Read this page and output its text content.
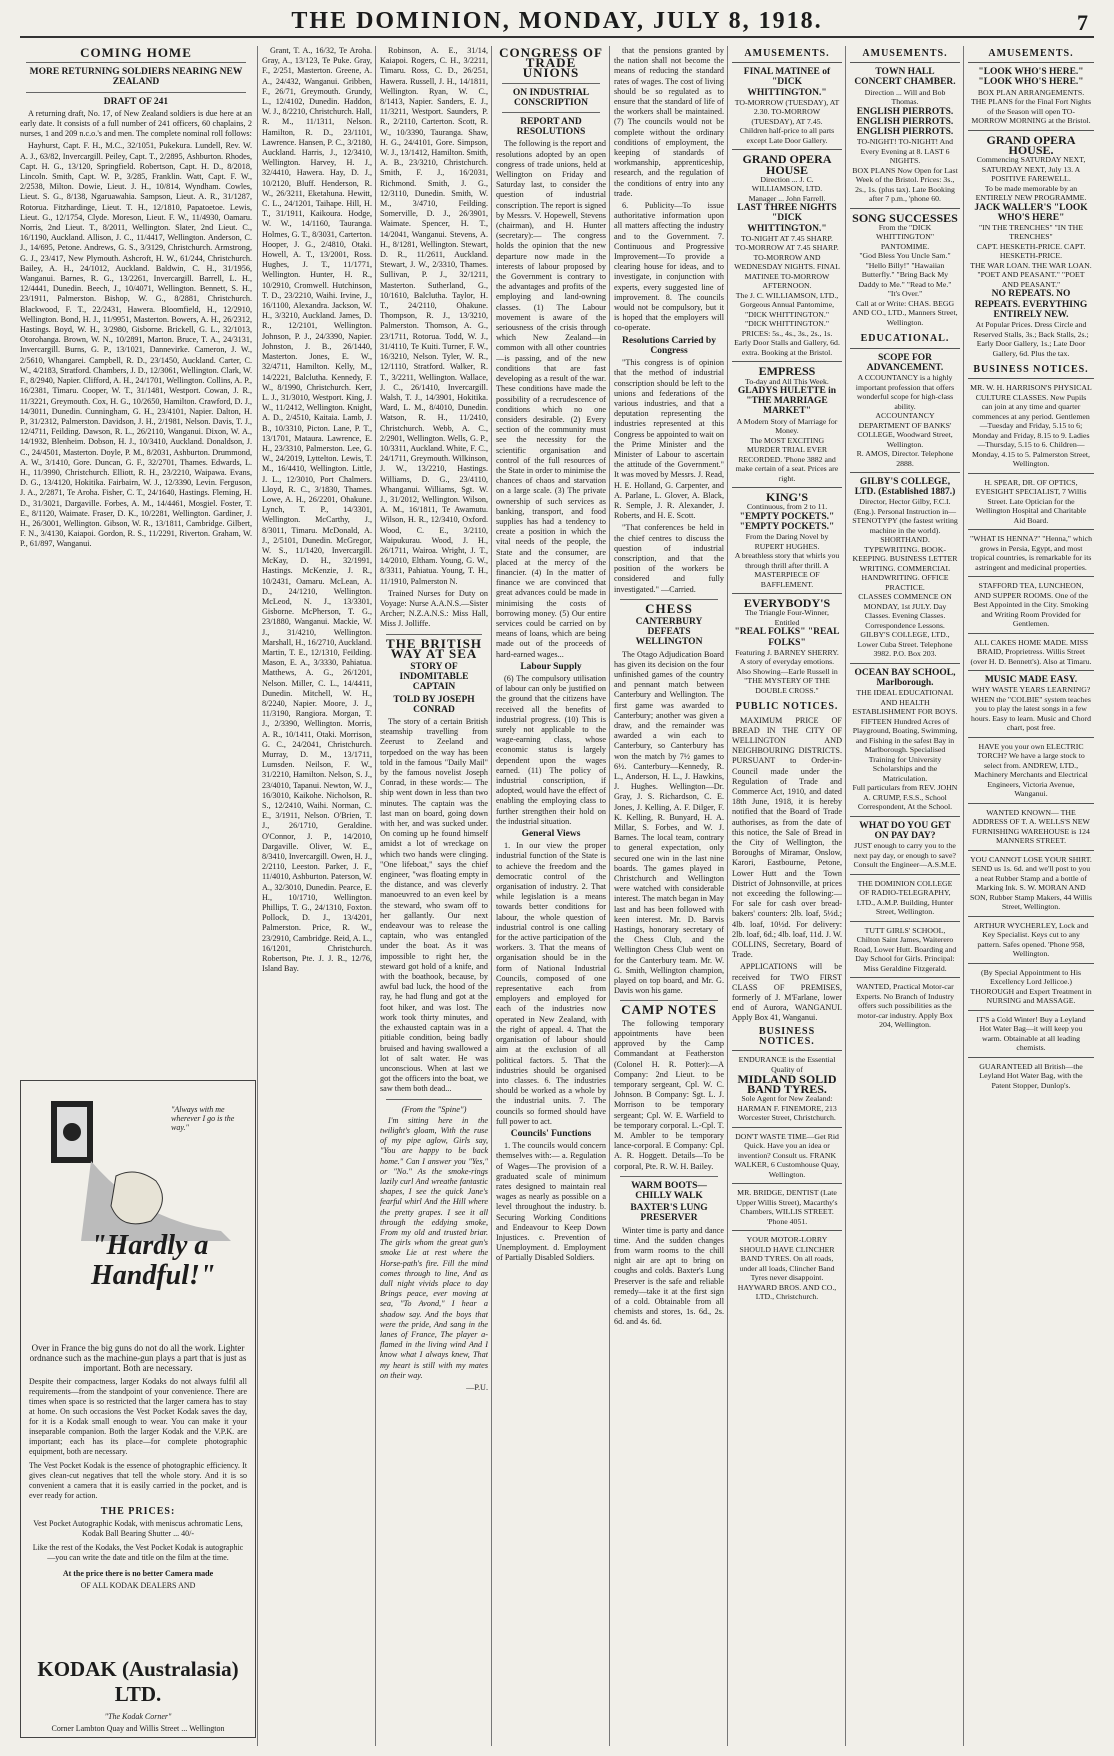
THE DOMINION, MONDAY, JULY 8, 1918.	7
COMING HOME
MORE RETURNING SOLDIERS NEARING NEW ZEALAND
DRAFT OF 241

A returning draft, No. 17, of New Zealand soldiers is due here at an early date. It consists of a full number of 241 officers, 60 chaplains, 2 nurses, 1 and 209 n.c.o.'s and men. The complete nominal roll follows:

Hayhurst, Capt. F. H., M.C., 32/1051, Pukekura. Lundell, Rev. W. A. J., 63/82, Invercargill. Peiley, Capt. T., 2/2895, Ashburton. Rhodes, Capt. H. G., 13/120, Springfield. Robertson, Capt. H. D., 8/2018, Lincoln. Smith, Capt. W. P., 3/285, Franklin. Watt, Capt. F. W., 2/2538, Milton. Dowie, Lieut. J. H., 10/814, Wyndham. Cowles, Lieut. S. G., 8/138, Ngaruawahia. Sampson, Lieut. A. R., 31/1287, Rotorua. Fitzhardinge, Lieut. T. H., 12/1810, Papatoetoe. Lewis, Lieut. G., 12/1754, Clyde. Moreson, Lieut. F. W., 11/4930, Oamaru. Norris, 2nd Lieut. T., 8/2011, Wellington. Slater, 2nd Lieut. C., 16/1190, Auckland. Allison, J. C., 11/4417, Wellington. Anderson, C. J., 14/695, Petone. Andrews, G. S., 3/3129, Christchurch. Armstrong, G. J., 23/417, New Plymouth. Ashcroft, H. W., 61/244, Christchurch. Bailey, A. H., 24/1012, Auckland. Baldwin, C. H., 31/1956, Wanganui. Barnes, R. G., 13/2261, Invercargill. Barrell, L. H., 12/4441, Dunedin. Beech, J., 10/4071, Wellington. Bennett, S. H., 23/1911, Palmerston. Bishop, W. G., 8/2881, Christchurch. Blackwood, F. T., 22/2431, Hawera. Bloomfield, H., 12/2910, Wellington. Bond, H. J., 11/9951, Masterton. Bowers, A. H., 26/2312, Hastings. Boyd, W. H., 3/2980, Gisborne. Brickell, G. L., 32/1013, Otorohanga. Brown, W. N., 10/2891, Marton. Bruce, T. A., 24/3131, Invercargill. Burns, G. P., 13/1021, Dannevirke. Cameron, J. W., 2/5610, Whangarei. Campbell, R. D., 23/1450, Auckland. Carter, C. W., 4/2183, Stratford. Chambers, J. D., 12/3061, Wellington. Clark, W. F., 8/2940, Napier. Clifford, A. H., 24/1701, Wellington. Collins, A. P., 16/2381, Timaru. Cooper, W. T., 31/1481, Westport. Cowan, J. R., 11/3221, Greymouth. Cox, H. G., 10/2650, Hamilton. Crawford, D. J., 14/3011, Dunedin. Cunningham, G. H., 23/4101, Napier. Dalton, H. P., 31/2312, Palmerston. Davidson, J. H., 2/1981, Nelson. Davis, T. J., 12/4711, Feilding. Dawson, R. L., 26/2110, Wanganui. Dixon, W. A., 14/1932, Blenheim. Dobson, H. J., 10/3410, Auckland. Donaldson, J. C., 24/4501, Masterton. Doyle, P. M., 8/2031, Ashburton. Drummond, A. W., 3/1410, Gore. Duncan, G. F., 32/2701, Thames. Edwards, L. H., 11/3990, Christchurch. Elliott, R. H., 23/2210, Waipawa. Evans, D. G., 13/4120, Hokitika. Fairbairn, W. J., 12/3390, Levin. Ferguson, J. A., 2/2871, Te Aroha. Fisher, C. T., 24/1640, Hastings. Fleming, H. D., 31/3021, Dargaville. Forbes, A. M., 14/4461, Mosgiel. Foster, T. E., 8/1120, Waimate. Fraser, D. K., 10/2281, Wellington. Gardiner, J. H., 26/3001, Wellington. Gibson, W. R., 13/1811, Cambridge. Gilbert, F. N., 3/4130, Kaiapoi. Gordon, R. S., 11/2291, Riverton. Graham, W. P., 61/897, Wanganui.

"Always with me wherever I go is the way."
"Hardly a Handful!"

Over in France the big guns do not do all the work. Lighter ordnance such as the machine-gun plays a part that is just as important. Both are necessary.

Despite their compactness, larger Kodaks do not always fulfil all requirements—from the standpoint of your convenience. There are times when space is so restricted that the larger camera has to stay at home. On such occasions the Vest Pocket Kodak saves the day, for it is a Kodak small enough to wear. You can make it your inseparable companion. Both the larger Kodak and the V.P.K. are important; each has its place—for complete photographic equipment, both are necessary.

The Vest Pocket Kodak is the essence of photographic efficiency. It gives clean-cut negatives that tell the whole story. And it is so convenient a camera that it is easily carried in the pocket, and is ever ready for action.

THE PRICES:

Vest Pocket Autographic Kodak, with meniscus achromatic Lens, Kodak Ball Bearing Shutter ... 40/-

Like the rest of the Kodaks, the Vest Pocket Kodak is autographic—you can write the date and title on the film at the time.

At the price there is no better Camera made

OF ALL KODAK DEALERS AND

KODAK (Australasia) LTD.
"The Kodak Corner"
Corner Lambton Quay and Willis Street ... Wellington

Grant, T. A., 16/32, Te Aroha. Gray, A., 13/123, Te Puke. Gray, F., 2/251, Masterton. Greene, A. A., 24/432, Wanganui. Gribben, F., 26/71, Greymouth. Grundy, L., 12/4102, Dunedin. Haddon, W. J., 8/2210, Christchurch. Hall, R. M., 11/1311, Nelson. Hamilton, R. D., 23/1101, Lawrence. Hansen, P. C., 3/2180, Auckland. Harris, J., 12/3410, Wellington. Harvey, H. J., 32/4410, Hawera. Hay, D. J., 10/2120, Bluff. Henderson, R. W., 26/3211, Eketahuna. Hewitt, C. L., 24/1201, Taihape. Hill, H. T., 31/1911, Kaikoura. Hodge, W. W., 14/1160, Tauranga. Holmes, G. T., 8/3031, Carterton. Hooper, J. G., 2/4810, Otaki. Howell, A. T., 13/2001, Ross. Hughes, J. T., 11/1771, Wellington. Hunter, H. R., 10/2910, Cromwell. Hutchinson, T. D., 23/2210, Waihi. Irvine, J., 16/1100, Alexandra. Jackson, W. H., 3/3210, Auckland. James, D. R., 12/2101, Wellington. Johnson, P. J., 24/3390, Napier. Johnston, J. B., 26/1440, Masterton. Jones, E. W., 32/4711, Hamilton. Kelly, M., 14/2221, Balclutha. Kennedy, F. W., 8/1990, Christchurch. Kerr, L. J., 31/3010, Westport. King, J. W., 11/2412, Wellington. Knight, A. D., 2/4510, Kaitaia. Lamb, J. B., 10/3310, Picton. Lane, P. T., 13/1701, Mataura. Lawrence, E. H., 23/3310, Palmerston. Lee, G. W., 24/2019, Lyttelton. Lewis, T. M., 16/4410, Wellington. Little, J. L., 12/3010, Port Chalmers. Lloyd, R. C., 3/1830, Thames. Lowe, A. H., 26/2201, Ohakune. Lynch, T. P., 14/3301, Wellington. McCarthy, J., 8/3011, Timaru. McDonald, A. J., 2/5101, Dunedin. McGregor, W. S., 11/1420, Invercargill. McKay, D. H., 32/1991, Hastings. McKenzie, J. R., 10/2431, Oamaru. McLean, A. D., 24/1210, Wellington. McLeod, N. J., 13/3301, Gisborne. McPherson, T. G., 23/1880, Wanganui. Mackie, W. J., 31/4210, Wellington. Marshall, H., 16/2710, Auckland. Martin, T. E., 12/1310, Feilding. Mason, E. A., 3/3330, Pahiatua. Matthews, A. G., 26/1201, Nelson. Miller, C. L., 14/4411, Dunedin. Mitchell, W. H., 8/2240, Napier. Moore, J. J., 11/3190, Rangiora. Morgan, T. J., 2/3390, Wellington. Morris, A. R., 10/1411, Otaki. Morrison, G. C., 24/2041, Christchurch. Murray, D. M., 13/1711, Lumsden. Neilson, F. W., 31/2210, Hamilton. Nelson, S. J., 23/4010, Tapanui. Newton, W. J., 16/3010, Kaikohe. Nicholson, R. S., 12/2410, Waihi. Norman, C. E., 3/1911, Nelson. O'Brien, T. J., 26/1710, Geraldine. O'Connor, J. P., 14/2010, Dargaville. Oliver, W. E., 8/3410, Invercargill. Owen, H. J., 2/2110, Leeston. Parker, J. F., 11/4010, Ashburton. Paterson, W. A., 32/3010, Dunedin. Pearce, E. H., 10/1710, Wellington. Phillips, T. G., 24/1310, Foxton. Pollock, D. J., 13/4201, Palmerston. Price, R. W., 23/2910, Cambridge. Reid, A. L., 16/1201, Christchurch. Robertson, Pte. J. J. R., 12/76, Island Bay.

Robinson, A. E., 31/14, Kaiapoi. Rogers, C. H., 3/2211, Timaru. Ross, C. D., 26/251, Hawera. Russell, J. H., 14/1811, Wellington. Ryan, W. C., 8/1413, Napier. Sanders, E. J., 11/3211, Westport. Saunders, P. R., 2/2110, Carterton. Scott, R. W., 10/3390, Tauranga. Shaw, H. G., 24/4101, Gore. Simpson, W. J., 13/1412, Hamilton. Smith, A. B., 23/3210, Christchurch. Smith, F. J., 16/2031, Richmond. Smith, J. G., 12/3110, Dunedin. Smith, W. M., 3/4710, Feilding. Somerville, D. J., 26/3901, Waimate. Spencer, H. T., 14/2041, Wanganui. Stevens, A. H., 8/1281, Wellington. Stewart, D. R., 11/2611, Auckland. Stewart, J. W., 2/3310, Thames. Sullivan, P. J., 32/1211, Masterton. Sutherland, G., 10/1610, Balclutha. Taylor, H. T., 24/2110, Ohakune. Thompson, R. J., 13/3210, Palmerston. Thomson, A. G., 23/1711, Rotorua. Todd, W. J., 31/4110, Te Kuiti. Turner, F. W., 16/3210, Nelson. Tyler, W. R., 12/1110, Stratford. Walker, R. T., 3/2211, Wellington. Wallace, J. C., 26/1410, Invercargill. Walsh, T. J., 14/3901, Hokitika. Ward, L. M., 8/4010, Dunedin. Watson, R. H., 11/2410, Christchurch. Webb, A. C., 2/2901, Wellington. Wells, G. P., 10/3311, Auckland. White, F. C., 24/1711, Greymouth. Wilkinson, J. W., 13/2210, Hastings. Williams, D. G., 23/4110, Whanganui. Williams, Sgt. W. J., 31/2012, Wellington. Wilson, A. M., 16/1811, Te Awamutu. Wilson, H. R., 12/3410, Oxford. Wood, C. E., 3/2110, Waipukurau. Wood, J. H., 26/1711, Wairoa. Wright, J. T., 14/2010, Eltham. Young, G. W., 8/3311, Pahiatua. Young, T. H., 11/1910, Palmerston N.

Trained Nurses for Duty on Voyage: Nurse A.A.N.S.—Sister Archer; N.Z.A.N.S.: Miss Hall, Miss J. Jolliffe.

THE BRITISH WAY AT SEA
STORY OF INDOMITABLE CAPTAIN
TOLD BY JOSEPH CONRAD

The story of a certain British steamship travelling from Zeerust to Zeeland and torpedoed on the way has been told in the famous "Daily Mail" by the famous novelist Joseph Conrad, in these words:— The ship went down in less than two minutes. The captain was the last man on board, going down with her, and was sucked under. On coming up he found himself amidst a lot of wreckage on which two hands were clinging. "One lifeboat," says the chief engineer, "was floating empty in the distance, and was cleverly manoeuvred to an even keel by the steward, who swam off to her gallantly. Our next endeavour was to release the captain, who was entangled under the boat. As it was impossible to right her, the steward got hold of a knife, and with the boathook, because, by awful bad luck, the hood of the ray, he had flung and got at the foot hiker, and was lost. The work took thirty minutes, and the exhausted captain was in a pitiable condition, being badly bruised and having swallowed a lot of salt water. He was unconscious. When at last we got the officers into the boat, we saw them both dead...

(From the "Spine")

I'm sitting here in the twilight's gloam, With the ruse of my pipe aglow, Girls say, "You are happy to be back home." Can I answer you "Yes," or "No." As the smoke-rings lazily curl And wreathe fantastic shapes, I see the quick Jane's fearful whirl And the Hill where the pretty grapes. I see it all through the eddying smoke, From my old and trusted briar. The girls whom the great gun's smoke Lie at rest where the Horse-path's fire. Fill the mind comes through to line, And as dull night vivids place to day Brings peace, ever moving at sea, "To Avond," I hear a shadow say. And the boys that were the pride, And sang in the lanes of France, The player a-flamed in the living wind And I know what I always knew, That my heart is still with my mates on their way.

—P.U.
CONGRESS OF TRADE UNIONS
ON INDUSTRIAL CONSCRIPTION
REPORT AND RESOLUTIONS

The following is the report and resolutions adopted by an open congress of trade unions, held at Wellington on Friday and Saturday last, to consider the question of industrial conscription. The report is signed by Messrs. V. Hopewell, Stevens (chairman), and H. Hunter (secretary):— The congress holds the opinion that the new departure now made in the interests of labour proposed by the Government is contrary to the advantages and profits of the employing and land-owning classes. (1) The Labour movement is aware of the seriousness of the crisis through which New Zealand—in common with all other countries—is passing, and of the new conditions that are fast developing as a result of the war. These conditions have made the possibility of a recrudescence of conditions which no one considers desirable. (2) Every section of the community must see the necessity for the scientific organisation and control of the full resources of the State in order to minimise the chances of chaos and starvation on a large scale. (3) The private ownership of such services as banking, transport, and food supplies has had a tendency to create a position in which the vital needs of the people, the State and the consumer, are placed at the mercy of the financier. (4) In the matter of finance we are convinced that great advances could be made in minimising the costs of borrowing money. (5) Our entire services could be carried on by means of loans, which are being made out of the proceeds of hard-earned wages...

Labour Supply

(6) The compulsory utilisation of labour can only be justified on the ground that the citizens have received all the benefits of industrial progress. (10) This is surely not applicable to the wage-earning class, whose economic status is largely dependent upon the wages earned. (11) The policy of industrial conscription, if adopted, would have the effect of enabling the employing class to further strengthen their hold on the industrial situation.

General Views

1. In our view the proper industrial function of the State is to achieve the freedom and the democratic control of the organisation of industry. 2. That while legislation is a means towards better conditions for labour, the whole question of industrial control is one calling for the active participation of the workers. 3. That the means of organisation should be in the form of National Industrial Councils, composed of one representative each from employers and employed for each of the industries now operated in New Zealand, with the right of appeal. 4. That the organisation of labour should aim at the exclusion of all political factors. 5. That the industries should be organised into classes. 6. The industries should be worked as a whole by the industrial units. 7. The councils so formed should have full power to act.

Councils' Functions

1. The councils would concern themselves with:— a. Regulation of Wages—The provision of a graduated scale of minimum rates designed to maintain real wages as nearly as possible on a level throughout the industry. b. Securing Working Conditions and Endeavour to Keep Down Injustices. c. Prevention of Unemployment. d. Employment of Partially Disabled Soldiers.

that the pensions granted by the nation shall not become the means of reducing the standard rates of wages. The cost of living should be so regulated as to ensure that the standard of life of the workers shall be maintained. (7) The councils would not be complete without the ordinary conditions of employment, the keeping of standards of workmanship, apprenticeship, research, and the regulation of the conditions of entry into any trade.

6. Publicity—To issue authoritative information upon all matters affecting the industry and to the Government. 7. Continuous and Progressive Improvement—To provide a clearing house for ideas, and to investigate, in conjunction with experts, every suggested line of improvement. 8. The councils would not be compulsory, but it is hoped that the employers will co-operate.

Resolutions Carried by Congress

"This congress is of opinion that the method of industrial conscription should be left to the unions and federations of the various industries, and that a deputation representing the industries represented at this Congress be appointed to wait on the Prime Minister and the Minister of Labour to ascertain the attitude of the Government." It was moved by Messrs. J. Read, H. E. Holland, G. Carpenter, and A. Parlane, L. Glover, A. Black, R. Semple, J. R. Alexander, J. Roberts, and H. E. Scott.

"That conferences be held in the chief centres to discuss the question of industrial conscription, and that the position of the workers be considered and fully investigated." —Carried.

CHESS
CANTERBURY DEFEATS WELLINGTON

The Otago Adjudication Board has given its decision on the four unfinished games of the country and pennant match between Canterbury and Wellington. The first game was awarded to Canterbury; another was given a draw, and the remainder was awarded a win each to Canterbury, so Canterbury has won the match by 7½ games to 6½. Canterbury—Kennedy, R. L., Anderson, H. L., J. Hawkins, J. Hughes. Wellington—Dr. Gray, J. S. Richardson, C. E. Jones, J. Kelling, A. F. Dilger, F. K. Kelling, R. Bunyard, H. A. Millar, S. Forbes, and W. J. Barnes. The local team, contrary to general expectation, only secured one win in the last nine boards. The games played in Christchurch and Wellington were watched with considerable interest. The match began in May last and has been followed with keen interest. Mr. D. Barvis Hastings, honorary secretary of the Chess Club, and the Wellington Chess Club went on for the Canterbury team. Mr. W. G. Smith, Wellington champion, played on top board, and Mr. G. Davis won his game.

CAMP NOTES

The following temporary appointments have been approved by the Camp Commandant at Featherston (Colonel H. R. Potter):—A Company: 2nd Lieut. to be temporary sergeant, Cpl. W. C. Johnson. B Company: Sgt. L. J. Morrison to be temporary sergeant; Cpl. W. E. Warfield to be temporary corporal. L.-Cpl. T. M. Ambler to be temporary lance-corporal. E Company: Cpl. A. R. Hoggett. Details—To be corporal, Pte. R. W. H. Bailey.

WARM BOOTS—CHILLY WALK
BAXTER'S LUNG PRESERVER

Winter time is party and dance time. And the sudden changes from warm rooms to the chill night air are apt to bring on coughs and colds. Baxter's Lung Preserver is the safe and reliable remedy—take it at the first sign of a cold. Obtainable from all chemists and stores, 1s. 6d., 2s. 6d. and 4s. 6d.

AMUSEMENTS.
FINAL MATINEE of "DICK WHITTINGTON."
TO-MORROW (TUESDAY), AT 2.30. TO-MORROW (TUESDAY), AT 7.45.
Children half-price to all parts except Late Door Gallery.
GRAND OPERA HOUSE
Direction ... J. C. WILLIAMSON, LTD.
Manager ... John Farrell.
LAST THREE NIGHTS "DICK WHITTINGTON."
TO-NIGHT AT 7.45 SHARP. TO-MORROW AT 7.45 SHARP.
TO-MORROW AND WEDNESDAY NIGHTS. FINAL MATINEE TO-MORROW AFTERNOON.
The J. C. WILLIAMSON, LTD., Gorgeous Annual Pantomime, "DICK WHITTINGTON." "DICK WHITTINGTON."
PRICES: 5s., 4s., 3s., 2s., 1s. Early Door Stalls and Gallery, 6d. extra. Booking at the Bristol.
EMPRESS
To-day and All This Week.
GLADYS HULETTE in "THE MARRIAGE MARKET"
A Modern Story of Marriage for Money.
The MOST EXCITING MURDER TRIAL EVER RECORDED. 'Phone 3882 and make certain of a seat. Prices are right.
KING'S
Continuous, from 2 to 11.
"EMPTY POCKETS." "EMPTY POCKETS."
From the Daring Novel by RUPERT HUGHES.
A breathless story that whirls you through thrill after thrill. A MASTERPIECE OF BAFFLEMENT.
EVERYBODY'S
The Triangle Four-Winner, Entitled
"REAL FOLKS" "REAL FOLKS"
Featuring J. BARNEY SHERRY.
A story of everyday emotions. Also Showing—Earle Russell in "THE MYSTERY OF THE DOUBLE CROSS."
PUBLIC NOTICES.

MAXIMUM PRICE OF BREAD IN THE CITY OF WELLINGTON AND NEIGHBOURING DISTRICTS. PURSUANT to Order-in-Council made under the Regulation of Trade and Commerce Act, 1910, and dated 18th June, 1918, it is hereby notified that the Board of Trade authorises, as from the date of this notice, the Sale of Bread in the City of Wellington, the Boroughs of Miramar, Onslow, Karori, Eastbourne, Petone, Lower Hutt and the Town District of Johnsonville, at prices not exceeding the following:— For sale for cash over bread-bakers' counters: 2lb. loaf, 5½d.; 4lb. loaf, 10½d. For delivery: 2lb. loaf, 6d.; 4lb. loaf, 11d. J. W. COLLINS, Secretary, Board of Trade.

APPLICATIONS will be received for TWO FIRST CLASS OF PREMISES, formerly of J. M'Farlane, lower end of Aurora, WANGANUI. Apply Box 41, Wanganui.

BUSINESS NOTICES.
ENDURANCE is the Essential Quality of
MIDLAND SOLID BAND TYRES.
Sole Agent for New Zealand: HARMAN F. FINEMORE, 213 Worcester Street, Christchurch.
DON'T WASTE TIME—Get Rid Quick. Have you an idea or invention? Consult us. FRANK WALKER, 6 Customhouse Quay, Wellington.
MR. BRIDGE, DENTIST (Late Upper Willis Street), Macarthy's Chambers, WILLIS STREET. 'Phone 4051.
YOUR MOTOR-LORRY SHOULD HAVE CLINCHER BAND TYRES. On all roads, under all loads, Clincher Band Tyres never disappoint. HAYWARD BROS. AND CO., LTD., Christchurch.
AMUSEMENTS.
TOWN HALL CONCERT CHAMBER.
Direction ... Will and Bob Thomas.
ENGLISH PIERROTS. ENGLISH PIERROTS. ENGLISH PIERROTS.
TO-NIGHT! TO-NIGHT! And Every Evening at 8. LAST 6 NIGHTS.
BOX PLANS Now Open for Last Week of the Bristol. Prices: 3s., 2s., 1s. (plus tax). Late Booking after 7 p.m., 'phone 60.
SONG SUCCESSES
From the "DICK WHITTINGTON" PANTOMIME.
"God Bless You Uncle Sam." "Hello Billy!" "Hawaiian Butterfly." "Bring Back My Daddy to Me." "Read to Me." "It's Over."
Call at or Write: CHAS. BEGG AND CO., LTD., Manners Street, Wellington.
EDUCATIONAL.
SCOPE FOR ADVANCEMENT.
A CCOUNTANCY is a highly important profession that offers wonderful scope for high-class ability.
ACCOUNTANCY DEPARTMENT OF BANKS' COLLEGE, Woodward Street, Wellington.
R. AMOS, Director. Telephone 2888.
GILBY'S COLLEGE, LTD. (Established 1887.)
Director, Hector Gilby, F.C.I. (Eng.). Personal Instruction in—
STENOTYPY (the fastest writing machine in the world). SHORTHAND. TYPEWRITING. BOOK-KEEPING. BUSINESS LETTER WRITING. COMMERCIAL HANDWRITING. OFFICE PRACTICE.
CLASSES COMMENCE ON MONDAY, 1st JULY. Day Classes. Evening Classes. Correspondence Lessons.
GILBY'S COLLEGE, LTD., Lower Cuba Street. Telephone 3982. P.O. Box 203.
OCEAN BAY SCHOOL, Marlborough.
THE IDEAL EDUCATIONAL AND HEALTH ESTABLISHMENT FOR BOYS.
FIFTEEN Hundred Acres of Playground, Boating, Swimming, and Fishing in the safest Bay in Marlborough. Specialised Training for University Scholarships and the Matriculation.
Full particulars from REV. JOHN A. CRUMP, F.S.S., School Correspondent, At the School.
WHAT DO YOU GET ON PAY DAY?
JUST enough to carry you to the next pay day, or enough to save? Consult the Engineer—A.S.M.E.
THE DOMINION COLLEGE OF RADIO-TELEGRAPHY, LTD., A.M.P. Building, Hunter Street, Wellington.
TUTT GIRLS' SCHOOL, Chilton Saint James, Waiterero Road, Lower Hutt. Boarding and Day School for Girls. Principal: Miss Geraldine Fitzgerald.
WANTED, Practical Motor-car Experts. No Branch of Industry offers such possibilities as the motor-car industry. Apply Box 204, Wellington.
AMUSEMENTS.
"LOOK WHO'S HERE." "LOOK WHO'S HERE."
BOX PLAN ARRANGEMENTS. THE PLANS for the Final Fort Nights of the Season will open TO-MORROW MORNING at the Bristol.
GRAND OPERA HOUSE.
Commencing SATURDAY NEXT, SATURDAY NEXT, July 13. A POSITIVE FAREWELL.
To be made memorable by an ENTIRELY NEW PROGRAMME.
JACK WALLER'S "LOOK WHO'S HERE"
"IN THE TRENCHES" "IN THE TRENCHES"
CAPT. HESKETH-PRICE. CAPT. HESKETH-PRICE.
THE WAR LOAN. THE WAR LOAN.
"POET AND PEASANT." "POET AND PEASANT."
NO REPEATS. NO REPEATS. EVERYTHING ENTIRELY NEW.
At Popular Prices. Dress Circle and Reserved Stalls, 3s.; Back Stalls, 2s.; Early Door Gallery, 1s.; Late Door Gallery, 6d. Plus the tax.
BUSINESS NOTICES.
MR. W. H. HARRISON'S PHYSICAL CULTURE CLASSES. New Pupils can join at any time and quarter commences at any period. Gentlemen—Tuesday and Friday, 5.15 to 6; Monday and Friday, 8.15 to 9. Ladies—Thursday, 5.15 to 6. Children—Monday, 4.15 to 5. Palmerston Street, Wellington.
H. SPEAR, DR. OF OPTICS, EYESIGHT SPECIALIST, 7 Willis Street. Late Optician for the Wellington Hospital and Charitable Aid Board.
"WHAT IS HENNA?" "Henna," which grows in Persia, Egypt, and most tropical countries, is remarkable for its astringent and medicinal properties.
STAFFORD TEA, LUNCHEON, AND SUPPER ROOMS. One of the Best Appointed in the City. Smoking and Writing Room Provided for Gentlemen.
ALL CAKES HOME MADE. MISS BRAID, Proprietress. Willis Street (over H. D. Bennett's). Also at Timaru.
MUSIC MADE EASY.
WHY WASTE YEARS LEARNING? WHEN the "COLBIE" system teaches you to play the latest songs in a few hours. Easy to learn. Music and Chord chart, post free.
HAVE you your own ELECTRIC TORCH? We have a large stock to select from. ANDREW, LTD., Machinery Merchants and Electrical Engineers, Victoria Avenue, Wanganui.
WANTED KNOWN— THE ADDRESS OF T. A. WELLS'S NEW FURNISHING WAREHOUSE is 124 MANNERS STREET.
YOU CANNOT LOSE YOUR SHIRT. SEND us 1s. 6d. and we'll post to you a neat Rubber Stamp and a bottle of Marking Ink. S. W. MORAN AND SON, Rubber Stamp Makers, 44 Willis Street, Wellington.
ARTHUR WYCHERLEY, Lock and Key Specialist. Keys cut to any pattern. Safes opened. 'Phone 958, Wellington.
(By Special Appointment to His Excellency Lord Jellicoe.) THOROUGH and Expert Treatment in NURSING and MASSAGE.
IT'S a Cold Winter! Buy a Leyland Hot Water Bag—it will keep you warm. Obtainable at all leading chemists.
GUARANTEED all British—the Leyland Hot Water Bag, with the Patent Stopper, Dunlop's.
